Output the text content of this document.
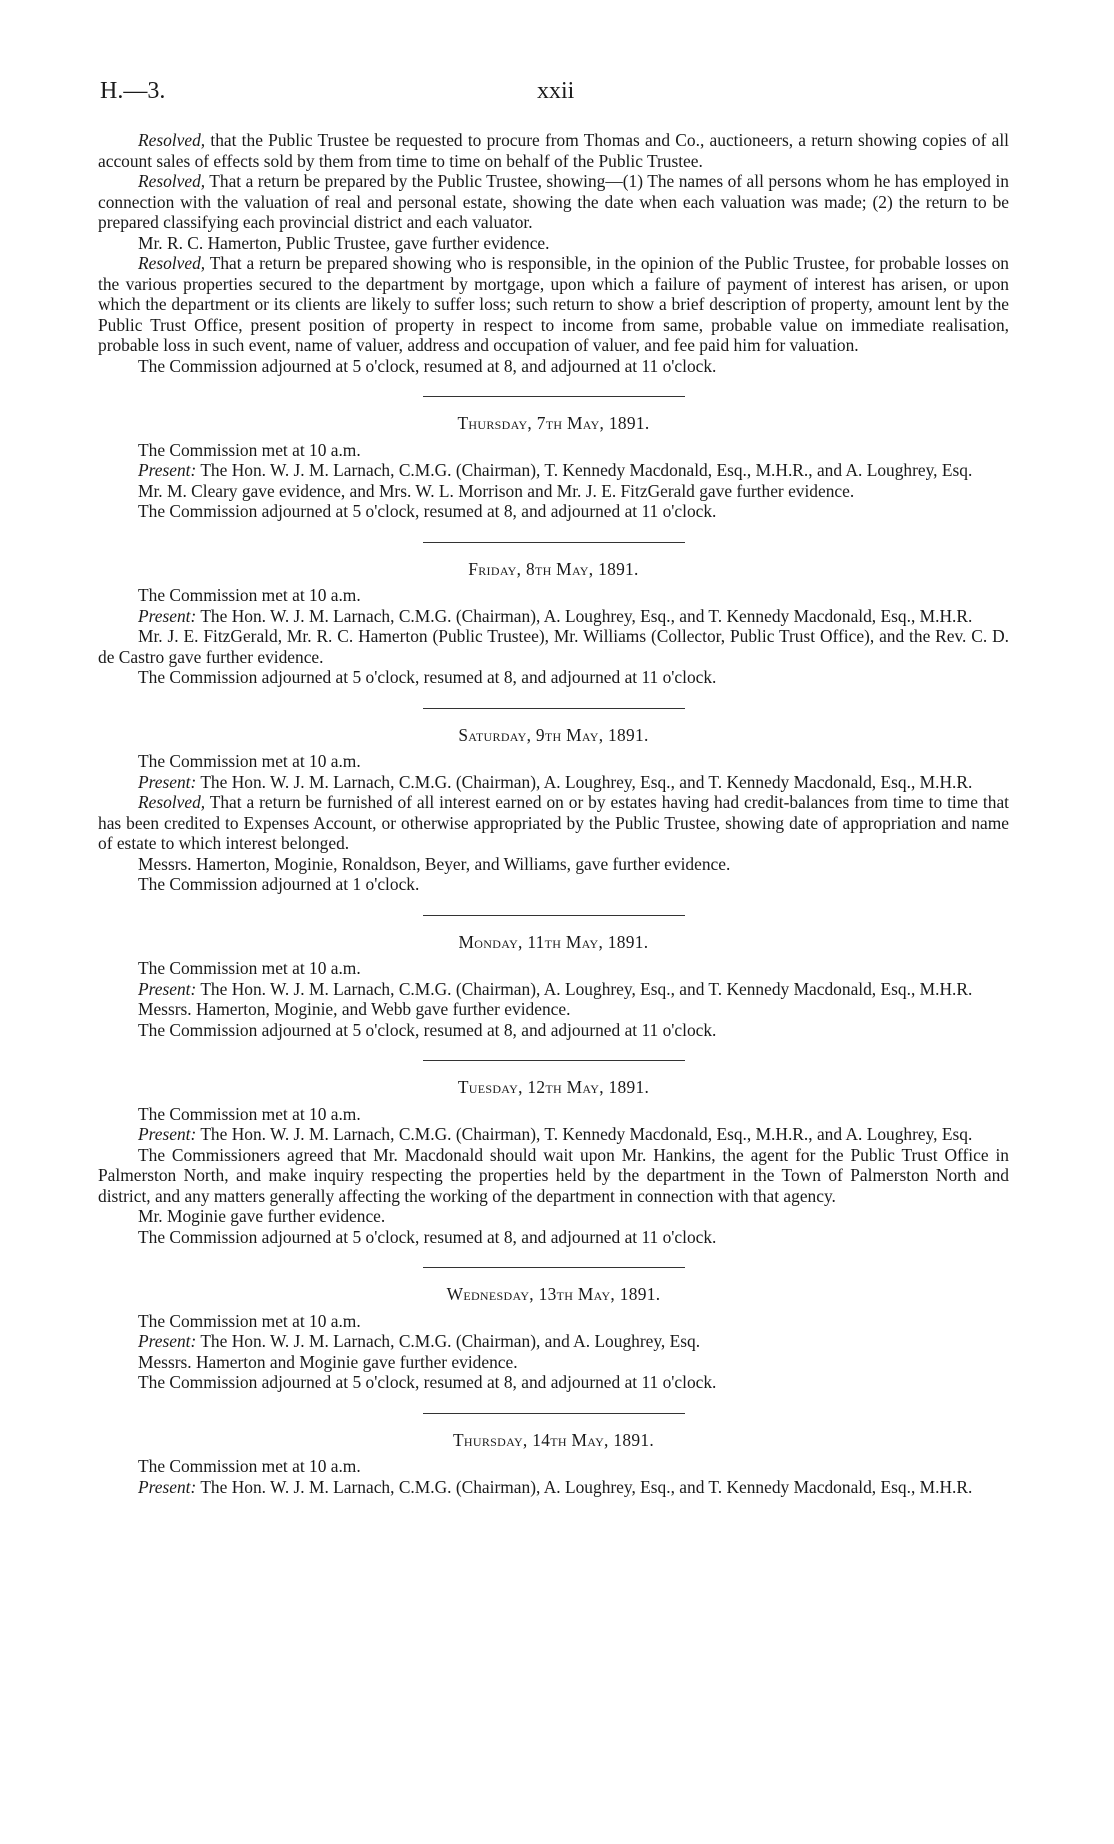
H.—3.	xxii

Resolved, that the Public Trustee be requested to procure from Thomas and Co., auctioneers, a return showing copies of all account sales of effects sold by them from time to time on behalf of the Public Trustee.

Resolved, That a return be prepared by the Public Trustee, showing—(1) The names of all persons whom he has employed in connection with the valuation of real and personal estate, showing the date when each valuation was made; (2) the return to be prepared classifying each provincial district and each valuator.

Mr. R. C. Hamerton, Public Trustee, gave further evidence.

Resolved, That a return be prepared showing who is responsible, in the opinion of the Public Trustee, for probable losses on the various properties secured to the department by mortgage, upon which a failure of payment of interest has arisen, or upon which the department or its clients are likely to suffer loss; such return to show a brief description of property, amount lent by the Public Trust Office, present position of property in respect to income from same, probable value on immediate realisation, probable loss in such event, name of valuer, address and occupation of valuer, and fee paid him for valuation.

The Commission adjourned at 5 o'clock, resumed at 8, and adjourned at 11 o'clock.

Thursday, 7th May, 1891.

The Commission met at 10 a.m.

Present: The Hon. W. J. M. Larnach, C.M.G. (Chairman), T. Kennedy Macdonald, Esq., M.H.R., and A. Loughrey, Esq.

Mr. M. Cleary gave evidence, and Mrs. W. L. Morrison and Mr. J. E. FitzGerald gave further evidence.

The Commission adjourned at 5 o'clock, resumed at 8, and adjourned at 11 o'clock.

Friday, 8th May, 1891.

The Commission met at 10 a.m.

Present: The Hon. W. J. M. Larnach, C.M.G. (Chairman), A. Loughrey, Esq., and T. Kennedy Macdonald, Esq., M.H.R.

Mr. J. E. FitzGerald, Mr. R. C. Hamerton (Public Trustee), Mr. Williams (Collector, Public Trust Office), and the Rev. C. D. de Castro gave further evidence.

The Commission adjourned at 5 o'clock, resumed at 8, and adjourned at 11 o'clock.

Saturday, 9th May, 1891.

The Commission met at 10 a.m.

Present: The Hon. W. J. M. Larnach, C.M.G. (Chairman), A. Loughrey, Esq., and T. Kennedy Macdonald, Esq., M.H.R.

Resolved, That a return be furnished of all interest earned on or by estates having had credit-balances from time to time that has been credited to Expenses Account, or otherwise appropriated by the Public Trustee, showing date of appropriation and name of estate to which interest belonged.

Messrs. Hamerton, Moginie, Ronaldson, Beyer, and Williams, gave further evidence.

The Commission adjourned at 1 o'clock.

Monday, 11th May, 1891.

The Commission met at 10 a.m.

Present: The Hon. W. J. M. Larnach, C.M.G. (Chairman), A. Loughrey, Esq., and T. Kennedy Macdonald, Esq., M.H.R.

Messrs. Hamerton, Moginie, and Webb gave further evidence.

The Commission adjourned at 5 o'clock, resumed at 8, and adjourned at 11 o'clock.

Tuesday, 12th May, 1891.

The Commission met at 10 a.m.

Present: The Hon. W. J. M. Larnach, C.M.G. (Chairman), T. Kennedy Macdonald, Esq., M.H.R., and A. Loughrey, Esq.

The Commissioners agreed that Mr. Macdonald should wait upon Mr. Hankins, the agent for the Public Trust Office in Palmerston North, and make inquiry respecting the properties held by the department in the Town of Palmerston North and district, and any matters generally affecting the working of the department in connection with that agency.

Mr. Moginie gave further evidence.

The Commission adjourned at 5 o'clock, resumed at 8, and adjourned at 11 o'clock.

Wednesday, 13th May, 1891.

The Commission met at 10 a.m.

Present: The Hon. W. J. M. Larnach, C.M.G. (Chairman), and A. Loughrey, Esq.

Messrs. Hamerton and Moginie gave further evidence.

The Commission adjourned at 5 o'clock, resumed at 8, and adjourned at 11 o'clock.

Thursday, 14th May, 1891.

The Commission met at 10 a.m.

Present: The Hon. W. J. M. Larnach, C.M.G. (Chairman), A. Loughrey, Esq., and T. Kennedy Macdonald, Esq., M.H.R.
